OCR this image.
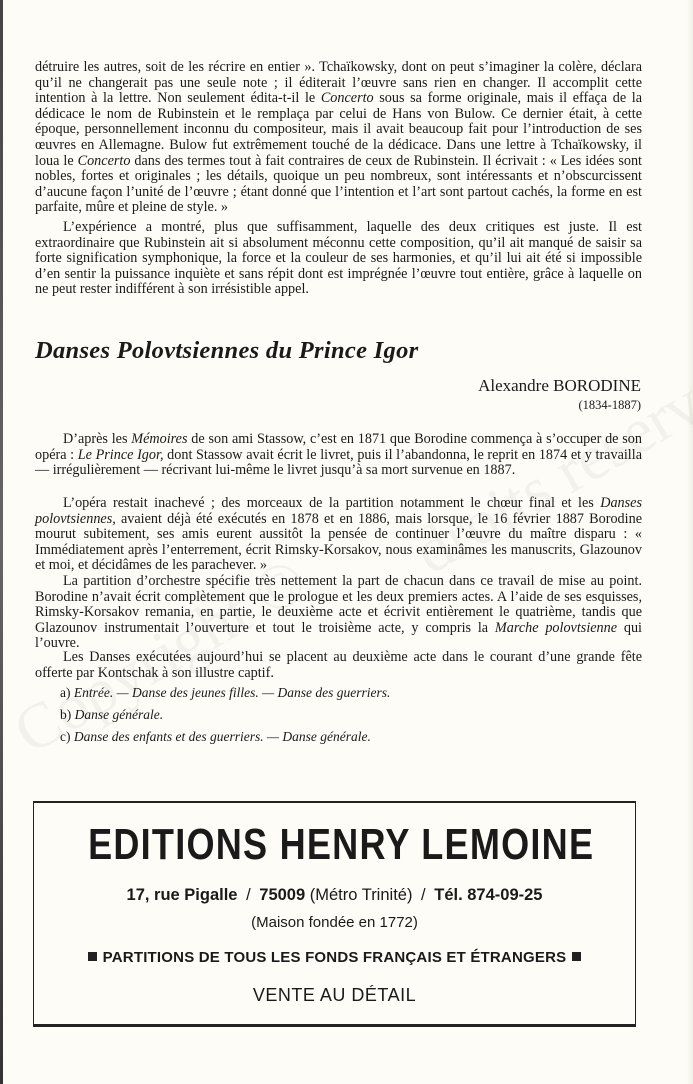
détruire les autres, soit de les récrire en entier ». Tchaïkowsky, dont on peut s’imaginer la colère, déclara qu’il ne changerait pas une seule note ; il éditerait l’œuvre sans rien en changer. Il accomplit cette intention à la lettre. Non seulement édita-t-il le Concerto sous sa forme originale, mais il effaça de la dédicace le nom de Rubinstein et le remplaça par celui de Hans von Bulow. Ce dernier était, à cette époque, personnellement inconnu du compositeur, mais il avait beaucoup fait pour l’introduction de ses œuvres en Allemagne. Bulow fut extrêmement touché de la dédicace. Dans une lettre à Tchaïkowsky, il loua le Concerto dans des termes tout à fait contraires de ceux de Rubinstein. Il écrivait : « Les idées sont nobles, fortes et originales ; les détails, quoique un peu nombreux, sont intéressants et n’obscurcissent d’aucune façon l’unité de l’œuvre ; étant donné que l’intention et l’art sont partout cachés, la forme en est parfaite, mûre et pleine de style. »

L’expérience a montré, plus que suffisamment, laquelle des deux critiques est juste. Il est extraordinaire que Rubinstein ait si absolument méconnu cette composition, qu’il ait manqué de saisir sa forte signification symphonique, la force et la couleur de ses harmonies, et qu’il lui ait été si impossible d’en sentir la puissance inquiète et sans répit dont est imprégnée l’œuvre tout entière, grâce à laquelle on ne peut rester indifférent à son irrésistible appel.

Danses Polovtsiennes du Prince Igor
Alexandre BORODINE
(1834-1887)

D’après les Mémoires de son ami Stassow, c’est en 1871 que Borodine commença à s’occuper de son opéra : Le Prince Igor, dont Stassow avait écrit le livret, puis il l’abandonna, le reprit en 1874 et y travailla — irrégulièrement — récrivant lui-même le livret jusqu’à sa mort survenue en 1887.

L’opéra restait inachevé ; des morceaux de la partition notamment le chœur final et les Danses polovtsiennes, avaient déjà été exécutés en 1878 et en 1886, mais lorsque, le 16 février 1887 Borodine mourut subitement, ses amis eurent aussitôt la pensée de continuer l’œuvre du maître disparu : « Immédiatement après l’enterrement, écrit Rimsky-Korsakov, nous examinâmes les manuscrits, Glazounov et moi, et décidâmes de les parachever. »

La partition d’orchestre spécifie très nettement la part de chacun dans ce travail de mise au point. Borodine n’avait écrit complètement que le prologue et les deux premiers actes. A l’aide de ses esquisses, Rimsky-Korsakov remania, en partie, le deuxième acte et écrivit entièrement le quatrième, tandis que Glazounov instrumentait l’ouverture et tout le troisième acte, y compris la Marche polovtsienne qui l’ouvre.

Les Danses exécutées aujourd’hui se placent au deuxième acte dans le courant d’une grande fête offerte par Kontschak à son illustre captif.

a) Entrée. — Danse des jeunes filles. — Danse des guerriers.

b) Danse générale.

c) Danse des enfants et des guerriers. — Danse générale.

EDITIONS HENRY LEMOINE
17, rue Pigalle / 75009 (Métro Trinité) / Tél. 874-09-25
(Maison fondée en 1772)
PARTITIONS DE TOUS LES FONDS FRANÇAIS ET ÉTRANGERS
VENTE AU DÉTAIL
